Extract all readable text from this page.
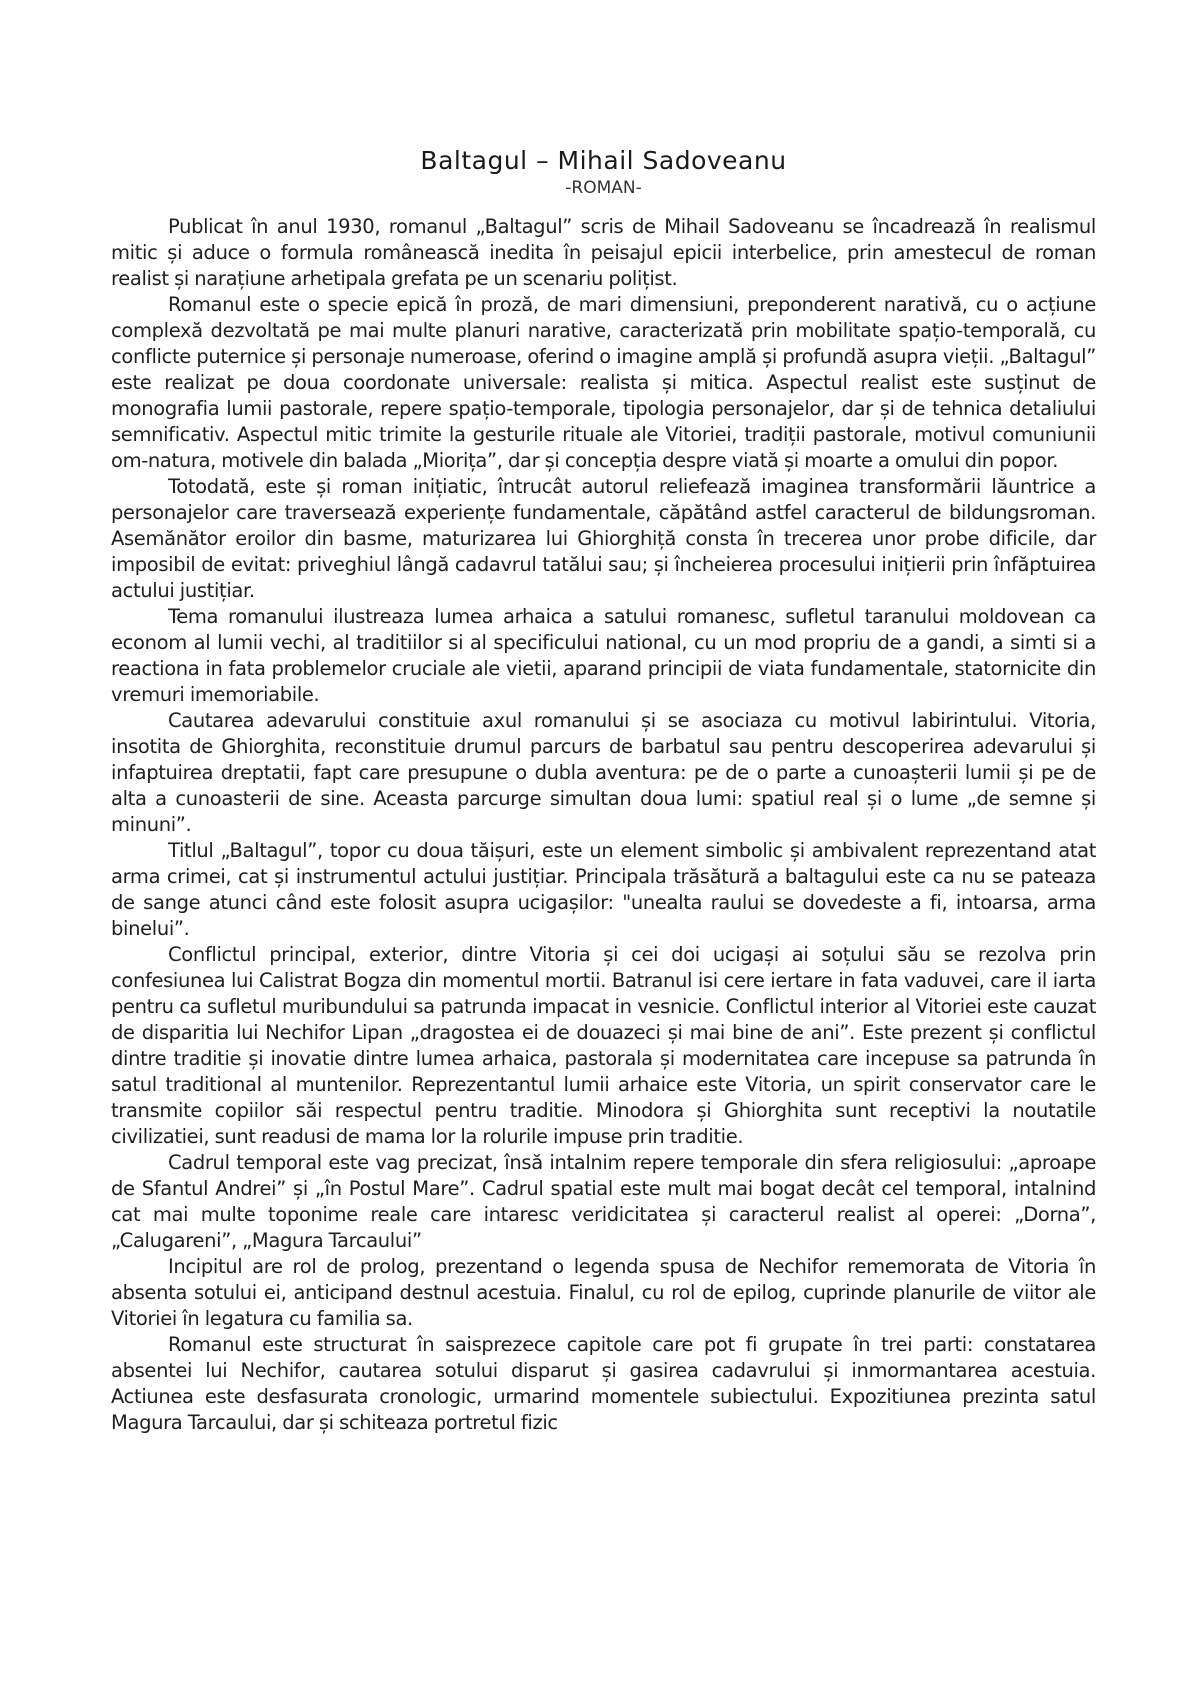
Baltagul – Mihail Sadoveanu
-ROMAN-

Publicat în anul 1930, romanul „Baltagul” scris de Mihail Sadoveanu se încadrează în realismul mitic și aduce o formula românească inedita în peisajul epicii interbelice, prin amestecul de roman realist și narațiune arhetipala grefata pe un scenariu polițist.

Romanul este o specie epică în proză, de mari dimensiuni, preponderent narativă, cu o acțiune complexă dezvoltată pe mai multe planuri narative, caracterizată prin mobilitate spațio-temporală, cu conflicte puternice și personaje numeroase, oferind o imagine amplă și profundă asupra vieții. „Baltagul” este realizat pe doua coordonate universale: realista și mitica. Aspectul realist este susținut de monografia lumii pastorale, repere spațio-temporale, tipologia personajelor, dar și de tehnica detaliului semnificativ. Aspectul mitic trimite la gesturile rituale ale Vitoriei, tradiții pastorale, motivul comuniunii om-natura, motivele din balada „Miorița”, dar și concepția despre viată și moarte a omului din popor.

Totodată, este și roman inițiatic, întrucât autorul reliefează imaginea transformării lăuntrice a personajelor care traversează experiențe fundamentale, căpătând astfel caracterul de bildungsroman. Asemănător eroilor din basme, maturizarea lui Ghiorghiță consta în trecerea unor probe dificile, dar imposibil de evitat: priveghiul lângă cadavrul tatălui sau; și încheierea procesului inițierii prin înfăptuirea actului justițiar.

Tema romanului ilustreaza lumea arhaica a satului romanesc, sufletul taranului moldovean ca econom al lumii vechi, al traditiilor si al specificului national, cu un mod propriu de a gandi, a simti si a reactiona in fata problemelor cruciale ale vietii, aparand principii de viata fundamentale, statornicite din vremuri imemoriabile.

Cautarea adevarului constituie axul romanului și se asociaza cu motivul labirintului. Vitoria, insotita de Ghiorghita, reconstituie drumul parcurs de barbatul sau pentru descoperirea adevarului și infaptuirea dreptatii, fapt care presupune o dubla aventura: pe de o parte a cunoașterii lumii și pe de alta a cunoasterii de sine. Aceasta parcurge simultan doua lumi: spatiul real și o lume „de semne și minuni”.

Titlul „Baltagul”, topor cu doua tăișuri, este un element simbolic și ambivalent reprezentand atat arma crimei, cat și instrumentul actului justițiar. Principala trăsătură a baltagului este ca nu se pateaza de sange atunci când este folosit asupra ucigașilor: "unealta raului se dovedeste a fi, intoarsa, arma binelui”.

Conflictul principal, exterior, dintre Vitoria și cei doi ucigași ai soțului său se rezolva prin confesiunea lui Calistrat Bogza din momentul mortii. Batranul isi cere iertare in fata vaduvei, care il iarta pentru ca sufletul muribundului sa patrunda impacat in vesnicie. Conflictul interior al Vitoriei este cauzat de disparitia lui Nechifor Lipan „dragostea ei de douazeci și mai bine de ani”. Este prezent și conflictul dintre traditie și inovatie dintre lumea arhaica, pastorala și modernitatea care incepuse sa patrunda în satul traditional al muntenilor. Reprezentantul lumii arhaice este Vitoria, un spirit conservator care le transmite copiilor săi respectul pentru traditie. Minodora și Ghiorghita sunt receptivi la noutatile civilizatiei, sunt readusi de mama lor la rolurile impuse prin traditie.

Cadrul temporal este vag precizat, însă intalnim repere temporale din sfera religiosului: „aproape de Sfantul Andrei” și „în Postul Mare”. Cadrul spatial este mult mai bogat decât cel temporal, intalnind cat mai multe toponime reale care intaresc veridicitatea și caracterul realist al operei: „Dorna”, „Calugareni”, „Magura Tarcaului”

Incipitul are rol de prolog, prezentand o legenda spusa de Nechifor rememorata de Vitoria în absenta sotului ei, anticipand destnul acestuia. Finalul, cu rol de epilog, cuprinde planurile de viitor ale Vitoriei în legatura cu familia sa.

Romanul este structurat în saisprezece capitole care pot fi grupate în trei parti: constatarea absentei lui Nechifor, cautarea sotului disparut și gasirea cadavrului și inmormantarea acestuia. Actiunea este desfasurata cronologic, urmarind momentele subiectului. Expozitiunea prezinta satul Magura Tarcaului, dar și schiteaza portretul fizic
